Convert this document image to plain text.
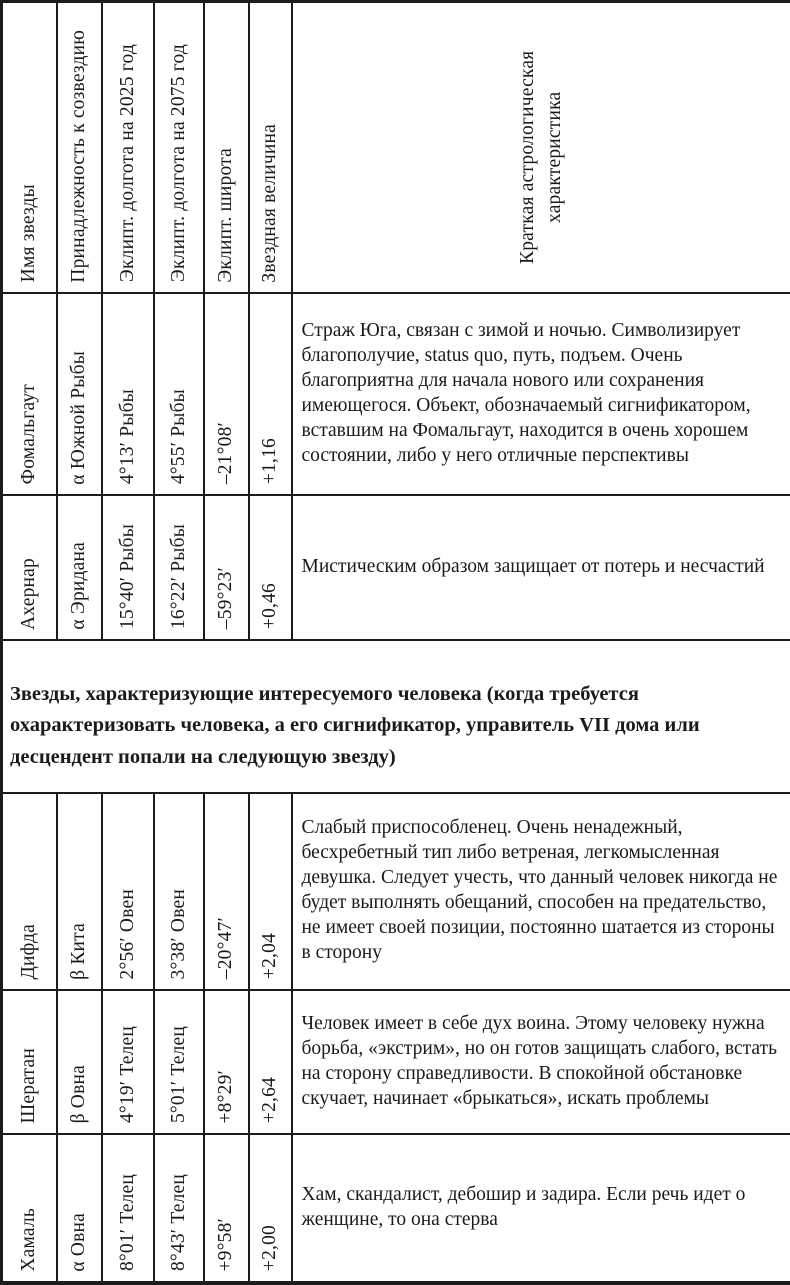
Имя звезды	Принадлежность к созвездию	Эклипт. долгота на 2025 год	Эклипт. долгота на 2075 год	Эклипт. широта	Звездная величина	Краткая астрологическая характеристика
Фомальгаут	α Южной Рыбы	4°13′ Рыбы	4°55′ Рыбы	–21°08′	+1,16	Страж Юга, связан с зимой и ночью. Символизирует благополучие, status quo, путь, подъем. Очень благоприятна для начала нового или сохранения имеющегося. Объект, обозначаемый сигнификатором, вставшим на Фомальгаут, находится в очень хорошем состоянии, либо у него отличные перспективы
Ахернар	α Эридана	15°40′ Рыбы	16°22′ Рыбы	–59°23′	+0,46	Мистическим образом защищает от потерь и несчастий
Звезды, характеризующие интересуемого человека (когда требуется охарактеризовать человека, а его сигнификатор, управитель VII дома или десцендент попали на следующую звезду)						
Дифда	β Кита	2°56′ Овен	3°38′ Овен	–20°47′	+2,04	Слабый приспособленец. Очень ненадежный, бесхребетный тип либо ветреная, легкомысленная девушка. Следует учесть, что данный человек никогда не будет выполнять обещаний, способен на предательство, не имеет своей позиции, постоянно шатается из стороны в сторону
Шератан	β Овна	4°19′ Телец	5°01′ Телец	+8°29′	+2,64	Человек имеет в себе дух воина. Этому человеку нужна борьба, «экстрим», но он готов защищать слабого, встать на сторону справедливости. В спокойной обстановке скучает, начинает «брыкаться», искать проблемы
Хамаль	α Овна	8°01′ Телец	8°43′ Телец	+9°58′	+2,00	Хам, скандалист, дебошир и задира. Если речь идет о женщине, то она стерва
